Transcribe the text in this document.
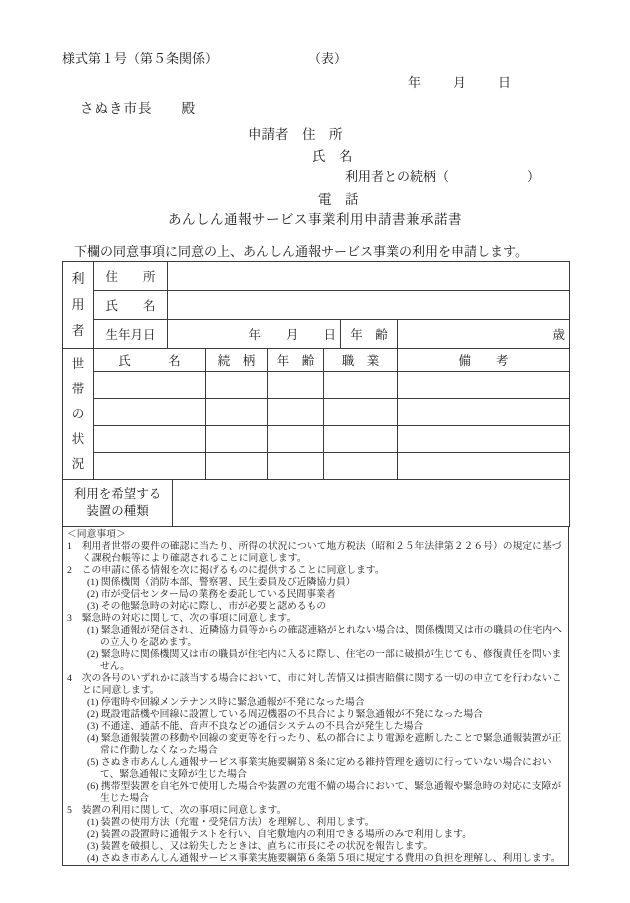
様式第１号（第５条関係）	（表）
年　　月　　日
さぬき市長　　殿
申請者　住　所
氏　名
利用者との続柄（　　　　　　）
電　話
あんしん通報サービス事業利用申請書兼承諾書
下欄の同意事項に同意の上、あんしん通報サービス事業の利用を申請します。
利
用
者	住　　所			
	氏　　名			
	生年月日	年　　月　　日	年　齢	歳
世
帯
の
状
況	氏　　　名	続　柄	年　齢	職　業	備　　考

利用を希望する
装置の種類	
＜同意事項＞
1　利用者世帯の要件の確認に当たり、所得の状況について地方税法（昭和２５年法律第２２６号）の規定に基づく課税台帳等により確認されることに同意します。
2　この申請に係る情報を次に掲げるものに提供することに同意します。
(1) 関係機関（消防本部、警察署、民生委員及び近隣協力員）
(2) 市が受信センター局の業務を委託している民間事業者
(3) その他緊急時の対応に際し、市が必要と認めるもの
3　緊急時の対応に関して、次の事項に同意します。
(1) 緊急通報が発信され、近隣協力員等からの確認連絡がとれない場合は、関係機関又は市の職員の住宅内への立入りを認めます。
(2) 緊急時に関係機関又は市の職員が住宅内に入るに際し、住宅の一部に破損が生じても、修復責任を問いません。
4　次の各号のいずれかに該当する場合において、市に対し苦情又は損害賠償に関する一切の申立てを行わないことに同意します。
(1) 停電時や回線メンテナンス時に緊急通報が不発になった場合
(2) 既設電話機や回線に設置している周辺機器の不具合により緊急通報が不発になった場合
(3) 不通達、通話不能、音声不良などの通信システムの不具合が発生した場合
(4) 緊急通報装置の移動や回線の変更等を行ったり、私の都合により電源を遮断したことで緊急通報装置が正常に作動しなくなった場合
(5) さぬき市あんしん通報サービス事業実施要綱第８条に定める維持管理を適切に行っていない場合において、緊急通報に支障が生じた場合
(6) 携帯型装置を自宅外で使用した場合や装置の充電不備の場合において、緊急通報や緊急時の対応に支障が生じた場合
5　装置の利用に関して、次の事項に同意します。
(1) 装置の使用方法（充電・受発信方法）を理解し、利用します。
(2) 装置の設置時に通報テストを行い、自宅敷地内の利用できる場所のみで利用します。
(3) 装置を破損し、又は紛失したときは、直ちに市長にその状況を報告します。
(4) さぬき市あんしん通報サービス事業実施要綱第６条第５項に規定する費用の負担を理解し、利用します。
